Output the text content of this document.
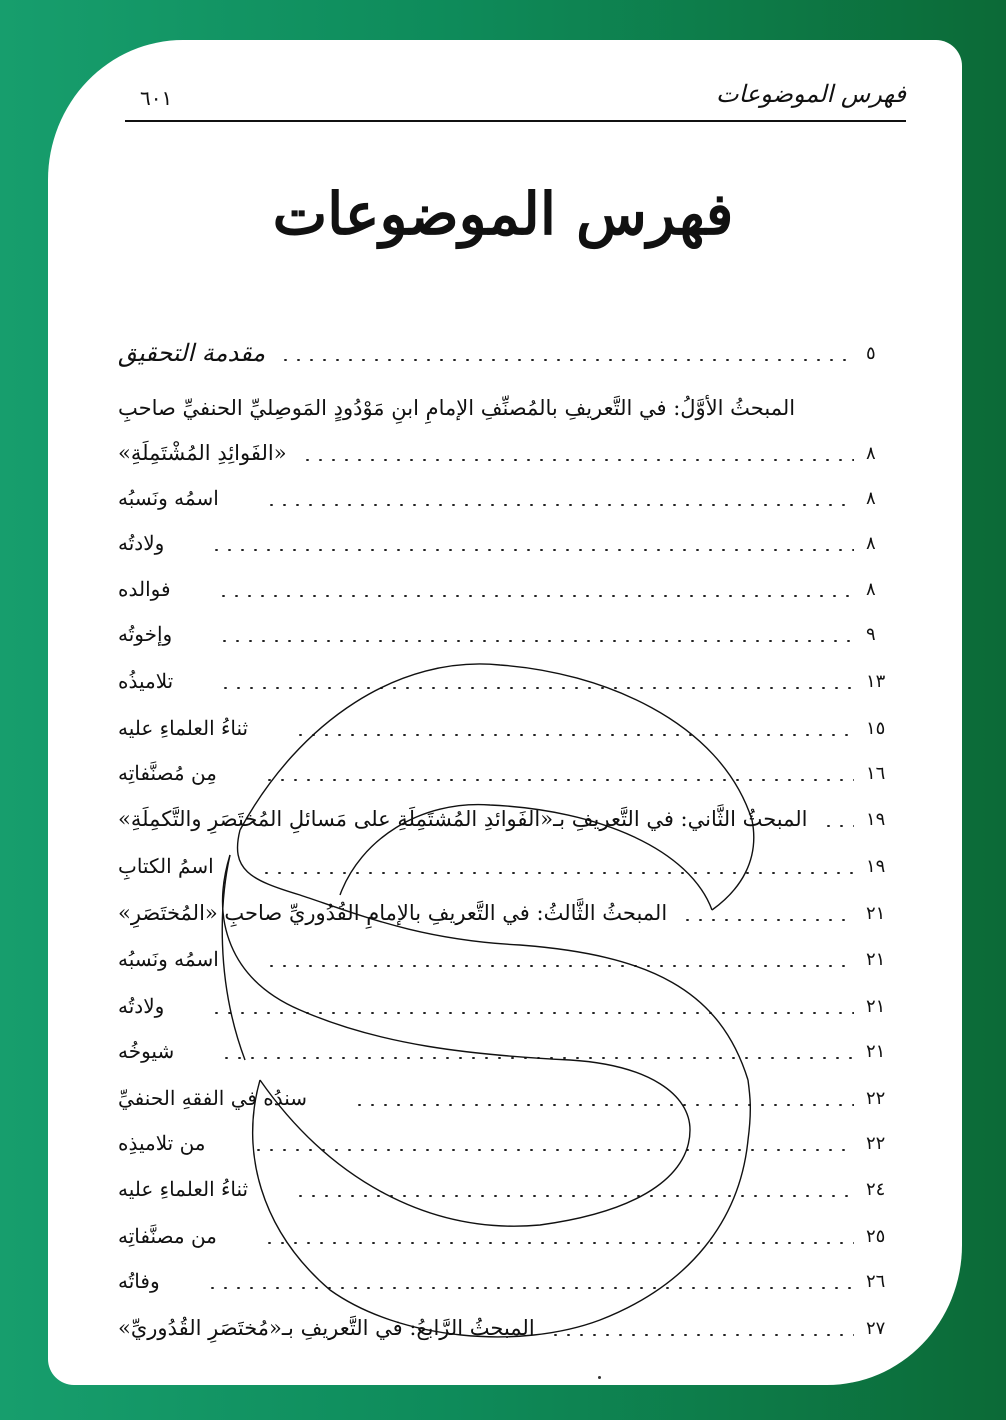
٦٠١	فهرس الموضوعات
فهرس الموضوعات
مقدمة التحقيق	٥
المبحثُ الأوَّلُ: في التَّعريفِ بالمُصنِّفِ الإمامِ ابنِ مَوْدُودٍ المَوصِليِّ الحنفيِّ صاحبِ
«الفَوائِدِ المُشْتَمِلَةِ»	٨
اسمُه ونَسبُه	٨
ولادتُه	٨
فوالده	٨
وإخوتُه	٩
تلاميذُه	١٣
ثناءُ العلماءِ عليه	١٥
مِن مُصنَّفاتِه	١٦
المبحثُ الثَّاني: في التَّعريفِ بـ«الفَوائدِ المُشتَمِلَةِ على مَسائلِ المُختَصَرِ والتَّكمِلَةِ»	١٩
اسمُ الكتابِ	١٩
المبحثُ الثَّالثُ: في التَّعريفِ بالإمامِ القُدُوريِّ صاحبِ «المُختَصَرِ»	٢١
اسمُه ونَسبُه	٢١
ولادتُه	٢١
شيوخُه	٢١
سندُه في الفقهِ الحنفيِّ	٢٢
من تلاميذِه	٢٢
ثناءُ العلماءِ عليه	٢٤
من مصنَّفاتِه	٢٥
وفاتُه	٢٦
المبحثُ الرَّابعُ: في التَّعريفِ بـ«مُختَصَرِ القُدُوريِّ»	٢٧
